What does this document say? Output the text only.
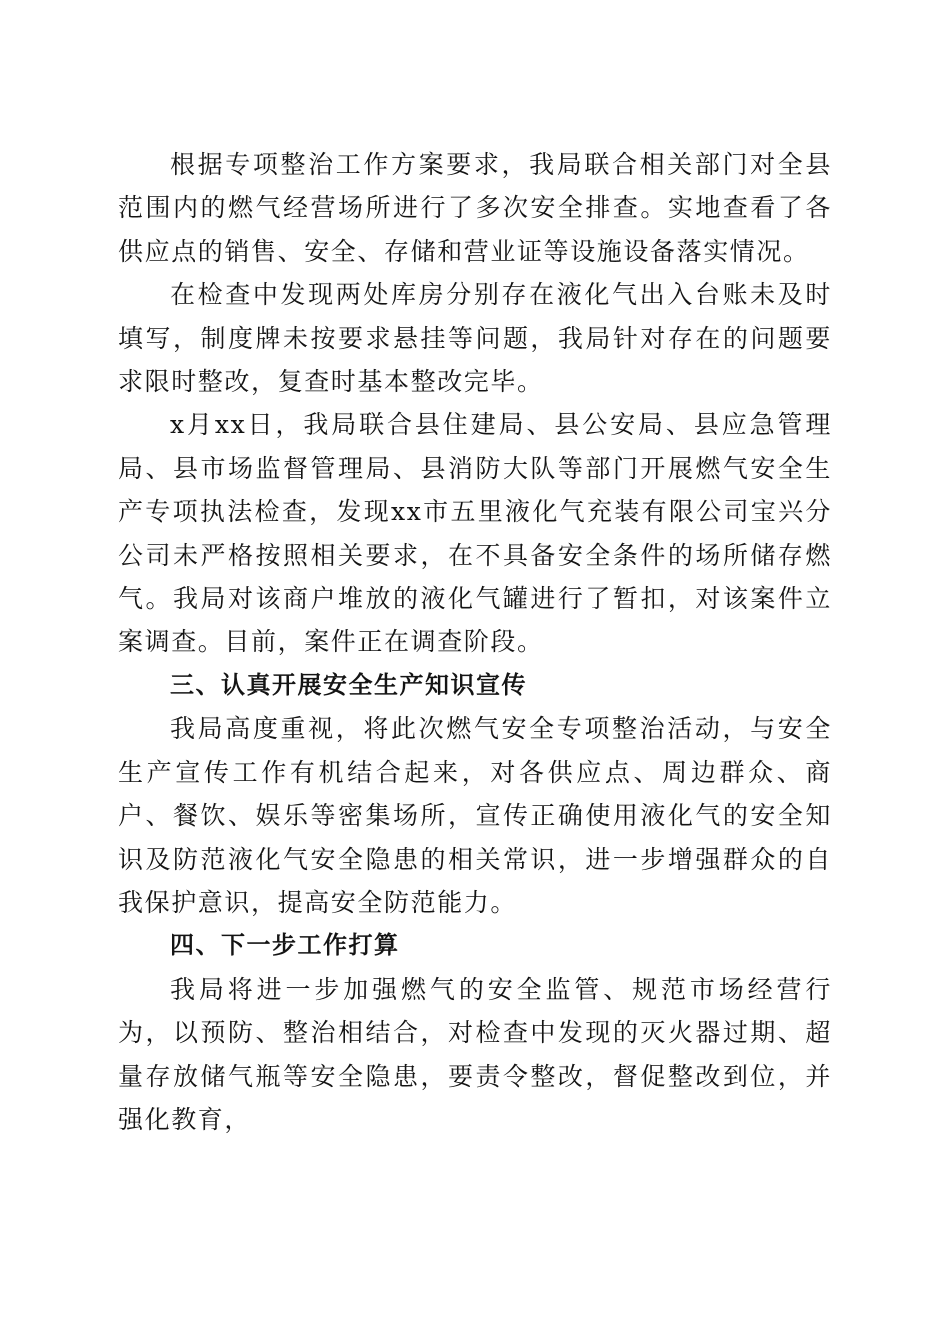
根据专项整治工作方案要求，我局联合相关部门对全县范围内的燃气经营场所进行了多次安全排查。实地查看了各供应点的销售、安全、存储和营业证等设施设备落实情况。

在检查中发现两处库房分别存在液化气出入台账未及时填写，制度牌未按要求悬挂等问题，我局针对存在的问题要求限时整改，复查时基本整改完毕。

x月xx日，我局联合县住建局、县公安局、县应急管理局、县市场监督管理局、县消防大队等部门开展燃气安全生产专项执法检查，发现xx市五里液化气充装有限公司宝兴分公司未严格按照相关要求，在不具备安全条件的场所储存燃气。我局对该商户堆放的液化气罐进行了暂扣，对该案件立案调查。目前，案件正在调查阶段。

三、认真开展安全生产知识宣传

我局高度重视，将此次燃气安全专项整治活动，与安全生产宣传工作有机结合起来，对各供应点、周边群众、商户、餐饮、娱乐等密集场所，宣传正确使用液化气的安全知识及防范液化气安全隐患的相关常识，进一步增强群众的自我保护意识，提高安全防范能力。

四、下一步工作打算

我局将进一步加强燃气的安全监管、规范市场经营行为，以预防、整治相结合，对检查中发现的灭火器过期、超量存放储气瓶等安全隐患，要责令整改，督促整改到位，并强化教育，
